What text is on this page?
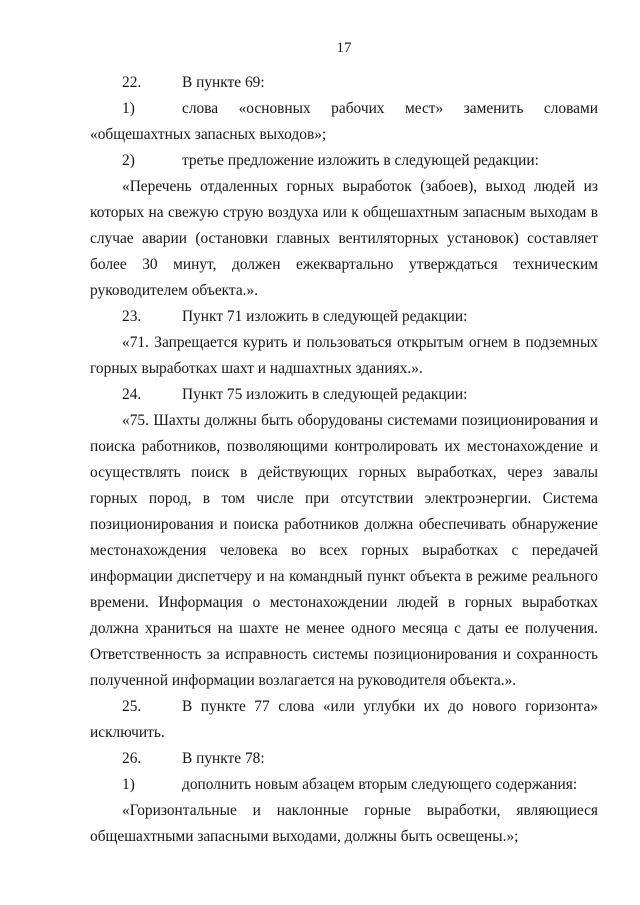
17

22.	В пункте 69:

1)	слова «основных рабочих мест» заменить словами «общешахтных запасных выходов»;

2)	третье предложение изложить в следующей редакции:

«Перечень отдаленных горных выработок (забоев), выход людей из которых на свежую струю воздуха или к общешахтным запасным выходам в случае аварии (остановки главных вентиляторных установок) составляет более 30 минут, должен ежеквартально утверждаться техническим руководителем объекта.».

23.	Пункт 71 изложить в следующей редакции:

«71. Запрещается курить и пользоваться открытым огнем в подземных горных выработках шахт и надшахтных зданиях.».

24.	Пункт 75 изложить в следующей редакции:

«75. Шахты должны быть оборудованы системами позиционирования и поиска работников, позволяющими контролировать их местонахождение и осуществлять поиск в действующих горных выработках, через завалы горных пород, в том числе при отсутствии электроэнергии. Система позиционирования и поиска работников должна обеспечивать обнаружение местонахождения человека во всех горных выработках с передачей информации диспетчеру и на командный пункт объекта в режиме реального времени. Информация о местонахождении людей в горных выработках должна храниться на шахте не менее одного месяца с даты ее получения. Ответственность за исправность системы позиционирования и сохранность полученной информации возлагается на руководителя объекта.».

25.	В пункте 77 слова «или углубки их до нового горизонта» исключить.

26.	В пункте 78:

1)	дополнить новым абзацем вторым следующего содержания:

«Горизонтальные и наклонные горные выработки, являющиеся общешахтными запасными выходами, должны быть освещены.»;
